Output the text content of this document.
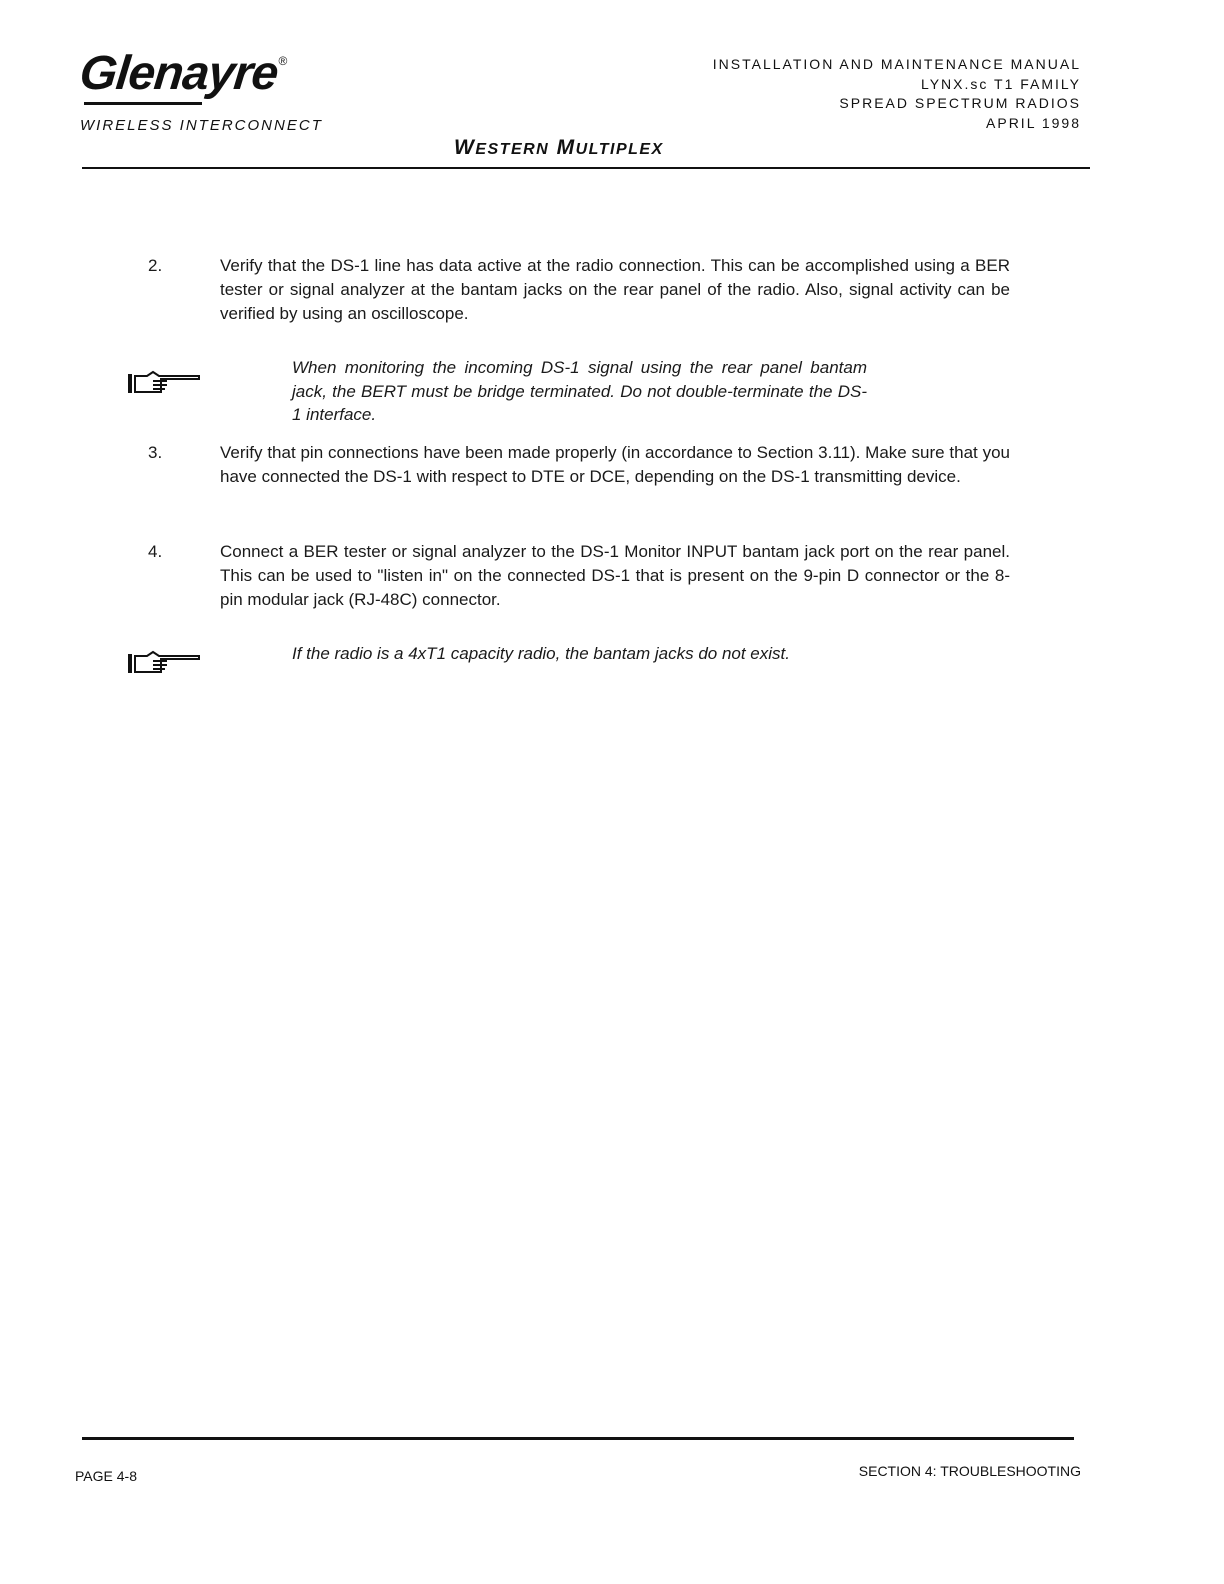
Glenayre®
WIRELESS INTERCONNECT
INSTALLATION AND MAINTENANCE MANUAL
LYNX.sc T1 FAMILY
SPREAD SPECTRUM RADIOS
APRIL 1998
WESTERN MULTIPLEX
2.	Verify that the DS-1 line has data active at the radio connection. This can be accomplished using a BER tester or signal analyzer at the bantam jacks on the rear panel of the radio. Also, signal activity can be verified by using an oscilloscope.
When monitoring the incoming DS-1 signal using the rear panel bantam jack, the BERT must be bridge terminated. Do not double-terminate the DS-1 interface.
3.	Verify that pin connections have been made properly (in accordance to Section 3.11). Make sure that you have connected the DS-1 with respect to DTE or DCE, depending on the DS-1 transmitting device.
4.	Connect a BER tester or signal analyzer to the DS-1 Monitor INPUT bantam jack port on the rear panel. This can be used to "listen in" on the connected DS-1 that is present on the 9-pin D connector or the 8-pin modular jack (RJ-48C) connector.
If the radio is a 4xT1 capacity radio, the bantam jacks do not exist.
PAGE 4-8	SECTION 4: TROUBLESHOOTING
